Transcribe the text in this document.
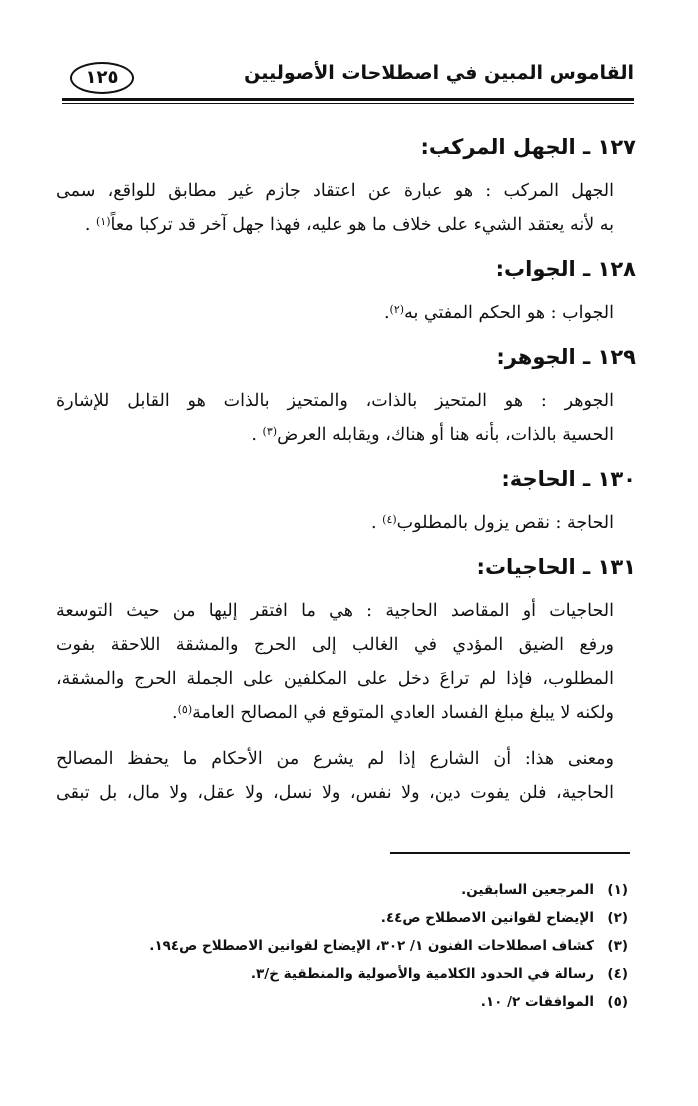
القاموس المبين في اصطلاحات الأصوليين
١٢٥
١٢٧ ـ الجهل المركب:
الجهل المركب : هو عبارة عن اعتقاد جازم غير مطابق للواقع، سمى
به لأنه يعتقد الشيء على خلاف ما هو عليه، فهذا جهل آخر قد تركبا معاً$^{(١)}$ .
١٢٨ ـ الجواب:
الجواب : هو الحكم المفتي به$^{(٢)}$.
١٢٩ ـ الجوهر:
الجوهر : هو المتحيز بالذات، والمتحيز بالذات هو القابل للإشارة
الحسية بالذات، بأنه هنا أو هناك، ويقابله العرض$^{(٣)}$ .
١٣٠ ـ الحاجة:
الحاجة : نقص يزول بالمطلوب$^{(٤)}$ .
١٣١ ـ الحاجيات:
الحاجيات أو المقاصد الحاجية : هي ما افتقر إليها من حيث التوسعة
ورفع الضيق المؤدي في الغالب إلى الحرج والمشقة اللاحقة بفوت
المطلوب، فإذا لم تراعَ دخل على المكلفين على الجملة الحرج والمشقة،
ولكنه لا يبلغ مبلغ الفساد العادي المتوقع في المصالح العامة$^{(٥)}$.
ومعنى هذا: أن الشارع إذا لم يشرع من الأحكام ما يحفظ المصالح
الحاجية، فلن يفوت دين، ولا نفس، ولا نسل، ولا عقل، ولا مال، بل تبقى
(١)المرجعين السابقين.
(٢)الإيضاح لقوانين الاصطلاح ص٤٤.
(٣)كشاف اصطلاحات الفنون ١/ ٣٠٢، الإيضاح لقوانين الاصطلاح ص١٩٤.
(٤)رسالة في الحدود الكلامية والأصولية والمنطقية خ/٣.
(٥)الموافقات ٢/ ١٠.
